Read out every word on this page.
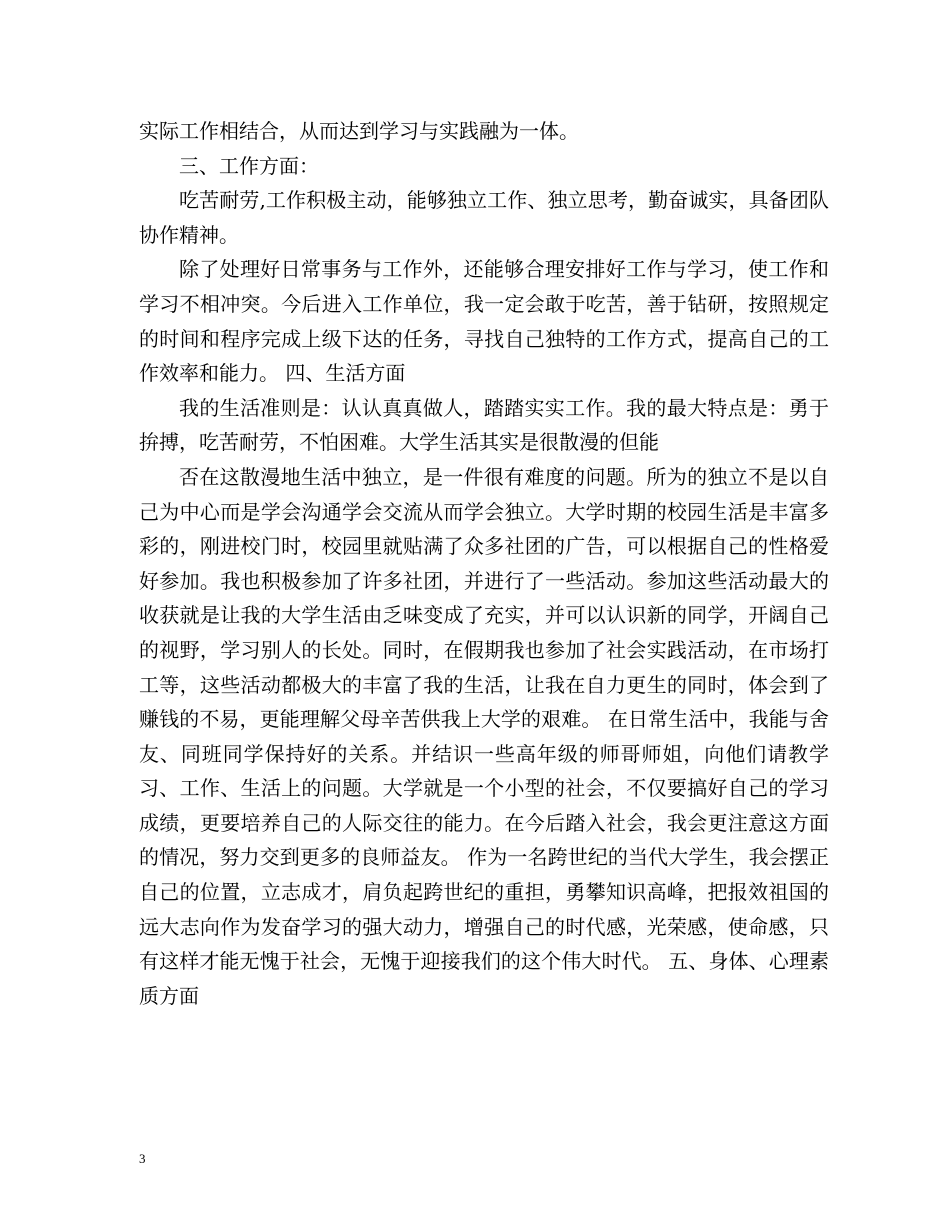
实际工作相结合，从而达到学习与实践融为一体。

三、工作方面：

吃苦耐劳,工作积极主动，能够独立工作、独立思考，勤奋诚实，具备团队协作精神。

除了处理好日常事务与工作外，还能够合理安排好工作与学习，使工作和学习不相冲突。今后进入工作单位，我一定会敢于吃苦，善于钻研，按照规定的时间和程序完成上级下达的任务，寻找自己独特的工作方式，提高自己的工作效率和能力。 四、生活方面

我的生活准则是：认认真真做人，踏踏实实工作。我的最大特点是：勇于拚搏，吃苦耐劳，不怕困难。大学生活其实是很散漫的但能

否在这散漫地生活中独立，是一件很有难度的问题。所为的独立不是以自己为中心而是学会沟通学会交流从而学会独立。大学时期的校园生活是丰富多彩的，刚进校门时，校园里就贴满了众多社团的广告，可以根据自己的性格爱好参加。我也积极参加了许多社团，并进行了一些活动。参加这些活动最大的收获就是让我的大学生活由乏味变成了充实，并可以认识新的同学，开阔自己的视野，学习别人的长处。同时，在假期我也参加了社会实践活动，在市场打工等，这些活动都极大的丰富了我的生活，让我在自力更生的同时，体会到了赚钱的不易，更能理解父母辛苦供我上大学的艰难。 在日常生活中，我能与舍友、同班同学保持好的关系。并结识一些高年级的师哥师姐，向他们请教学习、工作、生活上的问题。大学就是一个小型的社会，不仅要搞好自己的学习成绩，更要培养自己的人际交往的能力。在今后踏入社会，我会更注意这方面的情况，努力交到更多的良师益友。 作为一名跨世纪的当代大学生，我会摆正自己的位置，立志成才，肩负起跨世纪的重担，勇攀知识高峰，把报效祖国的远大志向作为发奋学习的强大动力，增强自己的时代感，光荣感，使命感，只有这样才能无愧于社会，无愧于迎接我们的这个伟大时代。 五、身体、心理素质方面

3
